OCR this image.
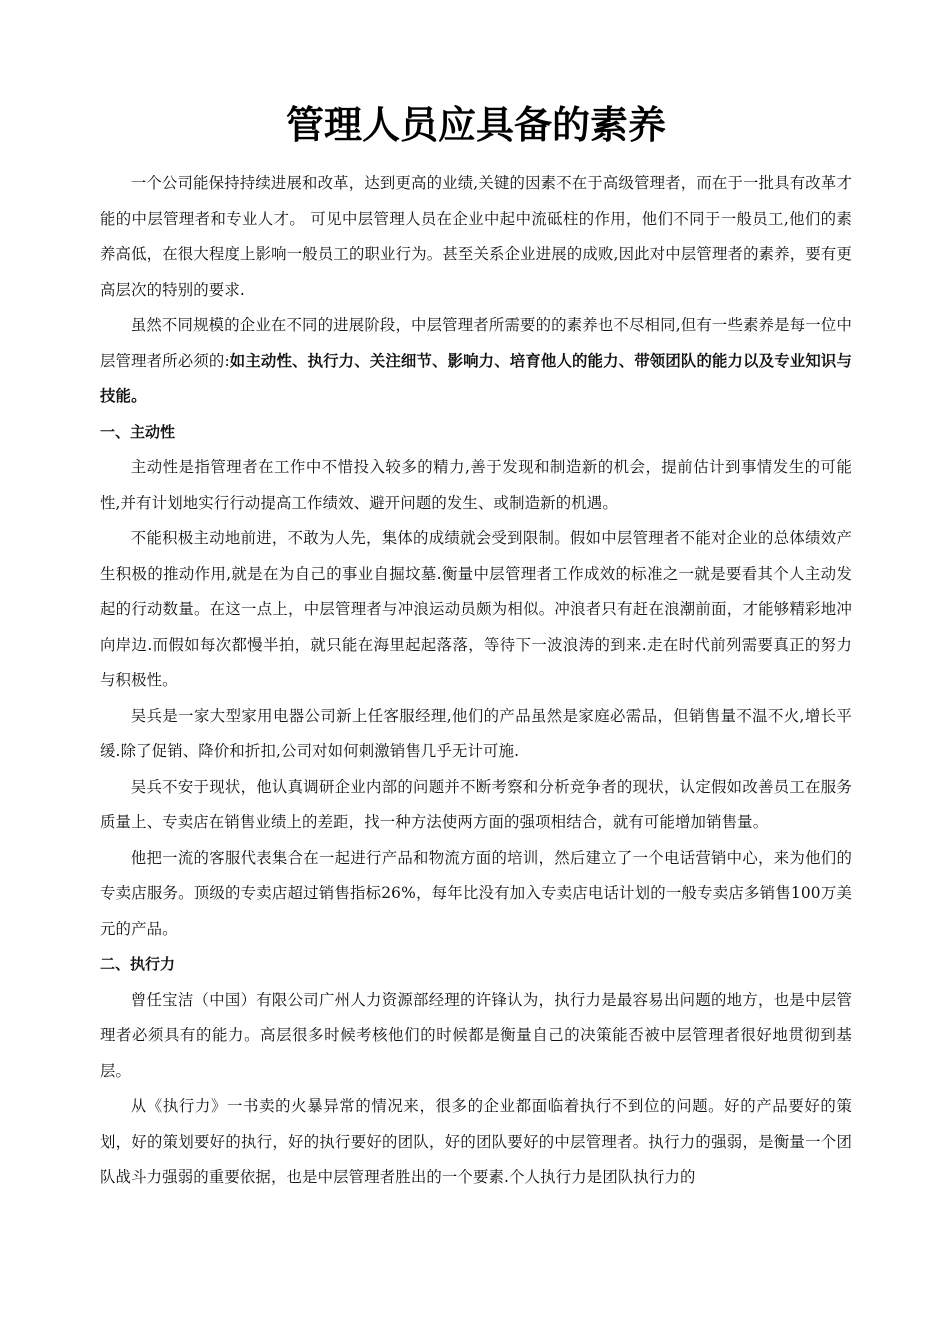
管理人员应具备的素养

一个公司能保持持续进展和改革，达到更高的业绩,关键的因素不在于高级管理者，而在于一批具有改革才能的中层管理者和专业人才。 可见中层管理人员在企业中起中流砥柱的作用，他们不同于一般员工,他们的素养高低，在很大程度上影响一般员工的职业行为。甚至关系企业进展的成败,因此对中层管理者的素养，要有更高层次的特别的要求.

虽然不同规模的企业在不同的进展阶段，中层管理者所需要的的素养也不尽相同,但有一些素养是每一位中层管理者所必须的:如主动性、执行力、关注细节、影响力、培育他人的能力、带领团队的能力以及专业知识与技能。

一、主动性

主动性是指管理者在工作中不惜投入较多的精力,善于发现和制造新的机会，提前估计到事情发生的可能性,并有计划地实行行动提高工作绩效、避开问题的发生、或制造新的机遇。

不能积极主动地前进，不敢为人先，集体的成绩就会受到限制。假如中层管理者不能对企业的总体绩效产生积极的推动作用,就是在为自己的事业自掘坟墓.衡量中层管理者工作成效的标准之一就是要看其个人主动发起的行动数量。在这一点上，中层管理者与冲浪运动员颇为相似。冲浪者只有赶在浪潮前面，才能够精彩地冲向岸边.而假如每次都慢半拍，就只能在海里起起落落，等待下一波浪涛的到来.走在时代前列需要真正的努力与积极性。

吴兵是一家大型家用电器公司新上任客服经理,他们的产品虽然是家庭必需品，但销售量不温不火,增长平缓.除了促销、降价和折扣,公司对如何刺激销售几乎无计可施.

吴兵不安于现状，他认真调研企业内部的问题并不断考察和分析竞争者的现状，认定假如改善员工在服务质量上、专卖店在销售业绩上的差距，找一种方法使两方面的强项相结合，就有可能增加销售量。

他把一流的客服代表集合在一起进行产品和物流方面的培训，然后建立了一个电话营销中心，来为他们的专卖店服务。顶级的专卖店超过销售指标26%，每年比没有加入专卖店电话计划的一般专卖店多销售100万美元的产品。

二、执行力

曾任宝洁（中国）有限公司广州人力资源部经理的许锋认为，执行力是最容易出问题的地方，也是中层管理者必须具有的能力。高层很多时候考核他们的时候都是衡量自己的决策能否被中层管理者很好地贯彻到基层。

从《执行力》一书卖的火暴异常的情况来，很多的企业都面临着执行不到位的问题。好的产品要好的策划，好的策划要好的执行，好的执行要好的团队，好的团队要好的中层管理者。执行力的强弱，是衡量一个团队战斗力强弱的重要依据，也是中层管理者胜出的一个要素.个人执行力是团队执行力的
